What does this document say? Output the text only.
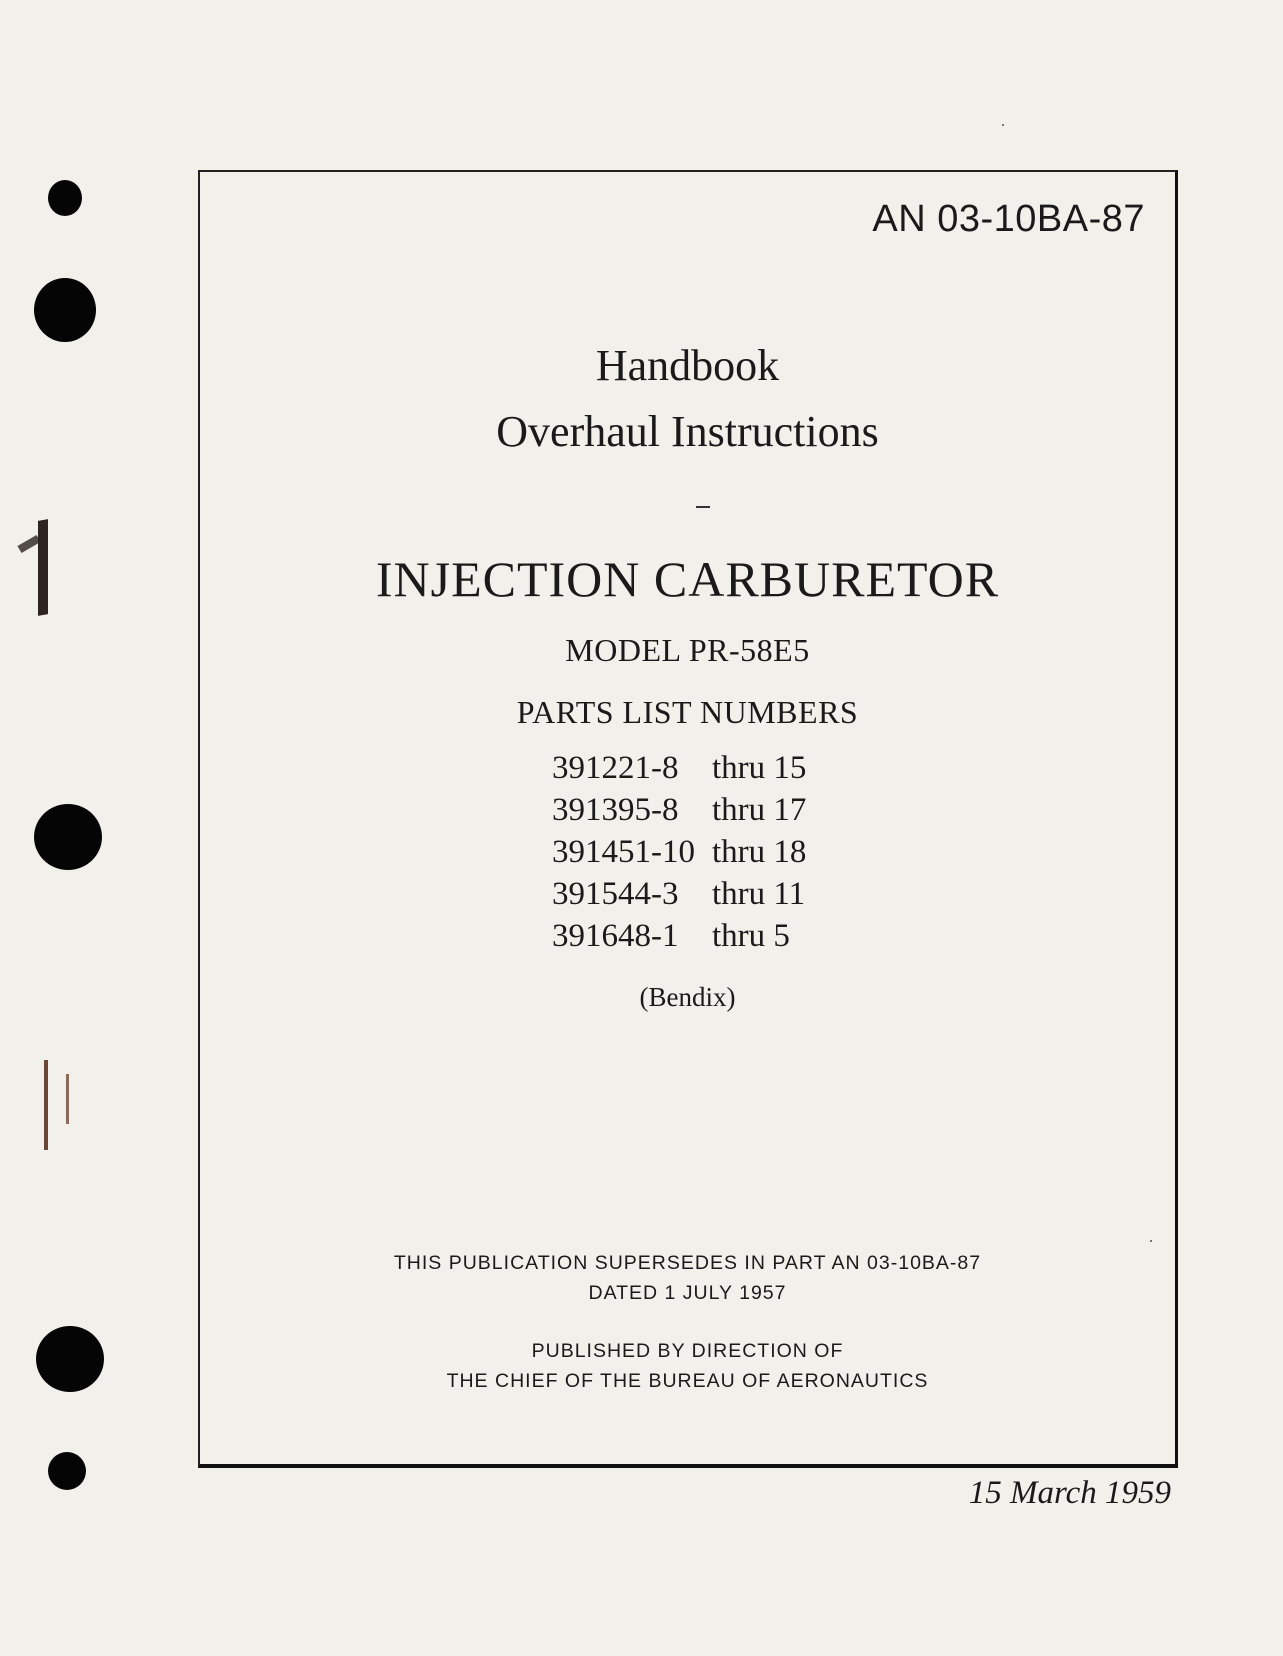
AN 03-10BA-87
Handbook
Overhaul Instructions
INJECTION CARBURETOR
MODEL PR-58E5
PARTS LIST NUMBERS
391221-8	thru 15
391395-8	thru 17
391451-10 thru 18
391544-3	thru 11
391648-1	thru 5
(Bendix)
THIS PUBLICATION SUPERSEDES IN PART AN 03-10BA-87
DATED 1 JULY 1957
PUBLISHED BY DIRECTION OF
THE CHIEF OF THE BUREAU OF AERONAUTICS
15 March 1959
